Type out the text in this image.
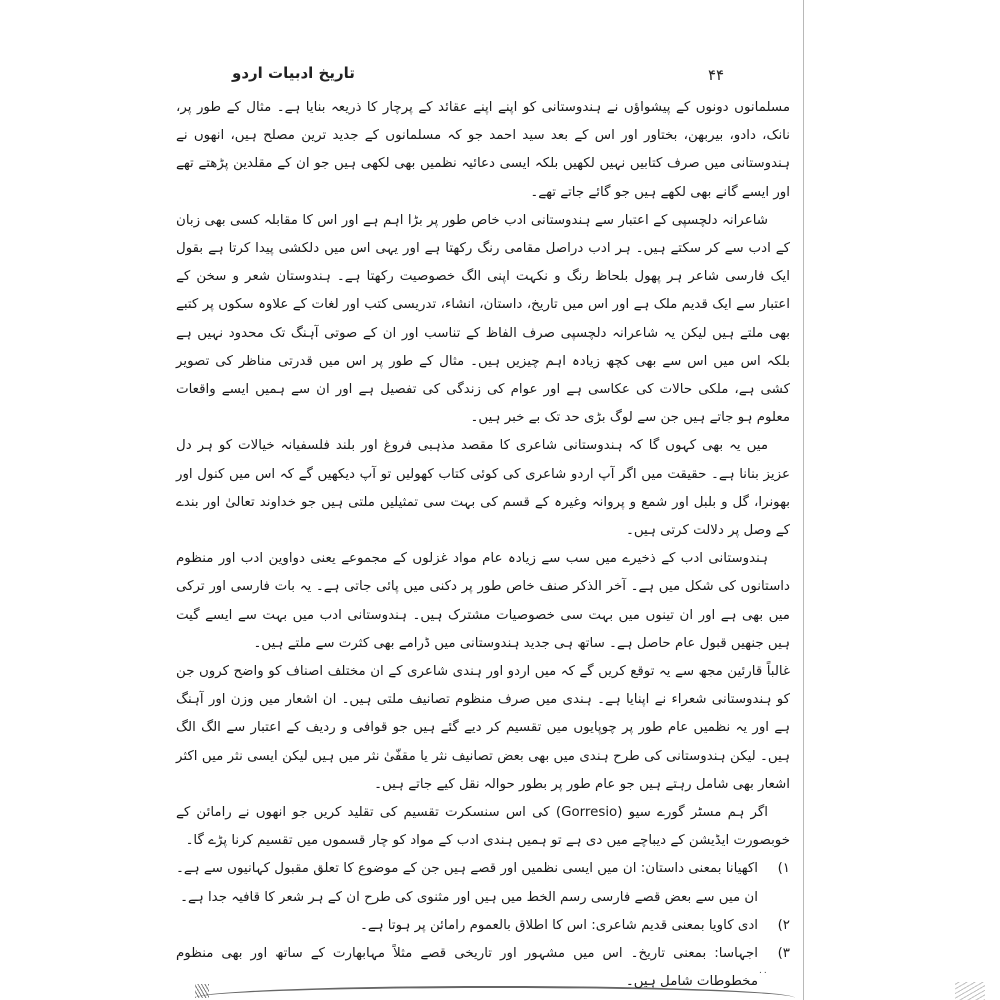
تاریخ ادبیات اردو	۴۴

مسلمانوں دونوں کے پیشواؤں نے ہندوستانی کو اپنے اپنے عقائد کے پرچار کا ذریعہ بنایا ہے۔ مثال کے طور پر، نانک، دادو، بیربھن، بختاور اور اس کے بعد سید احمد جو کہ مسلمانوں کے جدید ترین مصلح ہیں، انھوں نے ہندوستانی میں صرف کتابیں نہیں لکھیں بلکہ ایسی دعائیہ نظمیں بھی لکھی ہیں جو ان کے مقلدین پڑھتے تھے اور ایسے گانے بھی لکھے ہیں جو گائے جاتے تھے۔

شاعرانہ دلچسپی کے اعتبار سے ہندوستانی ادب خاص طور پر بڑا اہم ہے اور اس کا مقابلہ کسی بھی زبان کے ادب سے کر سکتے ہیں۔ ہر ادب دراصل مقامی رنگ رکھتا ہے اور یہی اس میں دلکشی پیدا کرتا ہے بقول ایک فارسی شاعر ہر پھول بلحاظ رنگ و نکہت اپنی الگ خصوصیت رکھتا ہے۔ ہندوستان شعر و سخن کے اعتبار سے ایک قدیم ملک ہے اور اس میں تاریخ، داستان، انشاء، تدریسی کتب اور لغات کے علاوہ سکوں پر کتبے بھی ملتے ہیں لیکن یہ شاعرانہ دلچسپی صرف الفاظ کے تناسب اور ان کے صوتی آہنگ تک محدود نہیں ہے بلکہ اس میں اس سے بھی کچھ زیادہ اہم چیزیں ہیں۔ مثال کے طور پر اس میں قدرتی مناظر کی تصویر کشی ہے، ملکی حالات کی عکاسی ہے اور عوام کی زندگی کی تفصیل ہے اور ان سے ہمیں ایسے واقعات معلوم ہو جاتے ہیں جن سے لوگ بڑی حد تک بے خبر ہیں۔

میں یہ بھی کہوں گا کہ ہندوستانی شاعری کا مقصد مذہبی فروغ اور بلند فلسفیانہ خیالات کو ہر دل عزیز بنانا ہے۔ حقیقت میں اگر آپ اردو شاعری کی کوئی کتاب کھولیں تو آپ دیکھیں گے کہ اس میں کنول اور بھونرا، گل و بلبل اور شمع و پروانہ وغیرہ کے قسم کی بہت سی تمثیلیں ملتی ہیں جو خداوند تعالیٰ اور بندے کے وصل پر دلالت کرتی ہیں۔

ہندوستانی ادب کے ذخیرے میں سب سے زیادہ عام مواد غزلوں کے مجموعے یعنی دواوین ادب اور منظوم داستانوں کی شکل میں ہے۔ آخر الذکر صنف خاص طور پر دکنی میں پائی جاتی ہے۔ یہ بات فارسی اور ترکی میں بھی ہے اور ان تینوں میں بہت سی خصوصیات مشترک ہیں۔ ہندوستانی ادب میں بہت سے ایسے گیت ہیں جنھیں قبول عام حاصل ہے۔ ساتھ ہی جدید ہندوستانی میں ڈرامے بھی کثرت سے ملتے ہیں۔

غالباً قارئین مجھ سے یہ توقع کریں گے کہ میں اردو اور ہندی شاعری کے ان مختلف اصناف کو واضح کروں جن کو ہندوستانی شعراء نے اپنایا ہے۔ ہندی میں صرف منظوم تصانیف ملتی ہیں۔ ان اشعار میں وزن اور آہنگ ہے اور یہ نظمیں عام طور پر چوپایوں میں تقسیم کر دیے گئے ہیں جو قوافی و ردیف کے اعتبار سے الگ الگ ہیں۔ لیکن ہندوستانی کی طرح ہندی میں بھی بعض تصانیف نثر یا مقفّیٰ نثر میں ہیں لیکن ایسی نثر میں اکثر اشعار بھی شامل رہتے ہیں جو عام طور پر بطور حوالہ نقل کیے جاتے ہیں۔

اگر ہم مسٹر گورے سیو (Gorresio) کی اس سنسکرت تقسیم کی تقلید کریں جو انھوں نے رامائن کے خوبصورت ایڈیشن کے دیباچے میں دی ہے تو ہمیں ہندی ادب کے مواد کو چار قسموں میں تقسیم کرنا پڑے گا۔

۱)
اکھیانا بمعنی داستان: ان میں ایسی نظمیں اور قصے ہیں جن کے موضوع کا تعلق مقبول کہانیوں سے ہے۔ ان میں سے بعض قصے فارسی رسم الخط میں ہیں اور مثنوی کی طرح ان کے ہر شعر کا قافیہ جدا ہے۔
۲)
ادی کاویا بمعنی قدیم شاعری: اس کا اطلاق بالعموم رامائن پر ہوتا ہے۔
۳)
اجہاسا: بمعنی تاریخ۔ اس میں مشہور اور تاریخی قصے مثلاً مہابھارت کے ساتھ اور بھی منظوم مخطوطات شامل ہیں۔
٠٠
